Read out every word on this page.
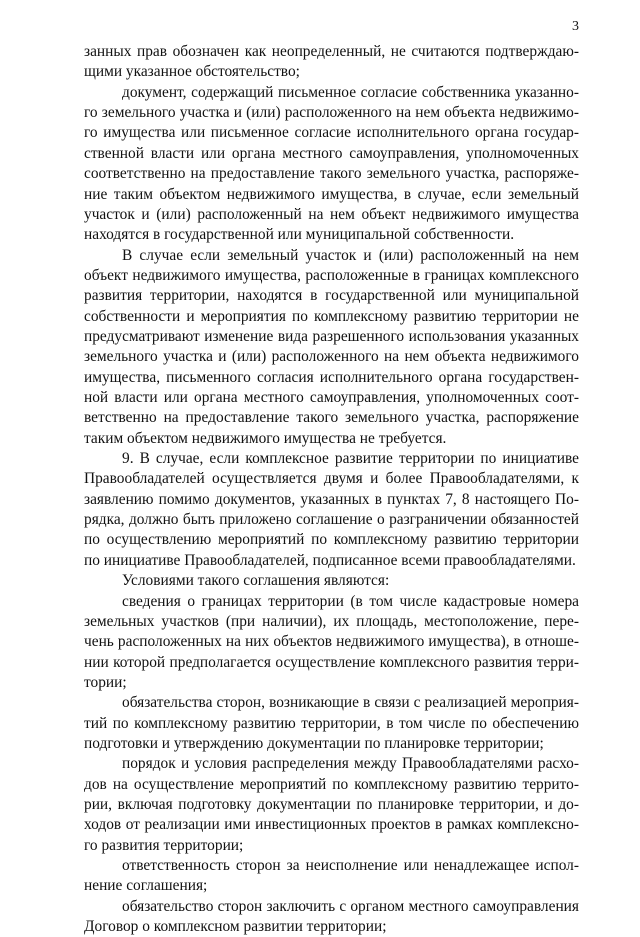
3
занных прав обозначен как неопределенный, не считаются подтверждаю-
щими указанное обстоятельство;
документ, содержащий письменное согласие собственника указанно-
го земельного участка и (или) расположенного на нем объекта недвижимо-
го имущества или письменное согласие исполнительного органа государ-
ственной власти или органа местного самоуправления, уполномоченных
соответственно на предоставление такого земельного участка, распоряже-
ние таким объектом недвижимого имущества, в случае, если земельный
участок и (или) расположенный на нем объект недвижимого имущества
находятся в государственной или муниципальной собственности.
В случае если земельный участок и (или) расположенный на нем
объект недвижимого имущества, расположенные в границах комплексного
развития территории, находятся в государственной или муниципальной
собственности и мероприятия по комплексному развитию территории не
предусматривают изменение вида разрешенного использования указанных
земельного участка и (или) расположенного на нем объекта недвижимого
имущества, письменного согласия исполнительного органа государствен-
ной власти или органа местного самоуправления, уполномоченных соот-
ветственно на предоставление такого земельного участка, распоряжение
таким объектом недвижимого имущества не требуется.
9. В случае, если комплексное развитие территории по инициативе
Правообладателей осуществляется двумя и более Правообладателями, к
заявлению помимо документов, указанных в пунктах 7, 8 настоящего По-
рядка, должно быть приложено соглашение о разграничении обязанностей
по осуществлению мероприятий по комплексному развитию территории
по инициативе Правообладателей, подписанное всеми правообладателями.
Условиями такого соглашения являются:
сведения о границах территории (в том числе кадастровые номера
земельных участков (при наличии), их площадь, местоположение, пере-
чень расположенных на них объектов недвижимого имущества), в отноше-
нии которой предполагается осуществление комплексного развития терри-
тории;
обязательства сторон, возникающие в связи с реализацией мероприя-
тий по комплексному развитию территории, в том числе по обеспечению
подготовки и утверждению документации по планировке территории;
порядок и условия распределения между Правообладателями расхо-
дов на осуществление мероприятий по комплексному развитию террито-
рии, включая подготовку документации по планировке территории, и до-
ходов от реализации ими инвестиционных проектов в рамках комплексно-
го развития территории;
ответственность сторон за неисполнение или ненадлежащее испол-
нение соглашения;
обязательство сторон заключить с органом местного самоуправления
Договор о комплексном развитии территории;
